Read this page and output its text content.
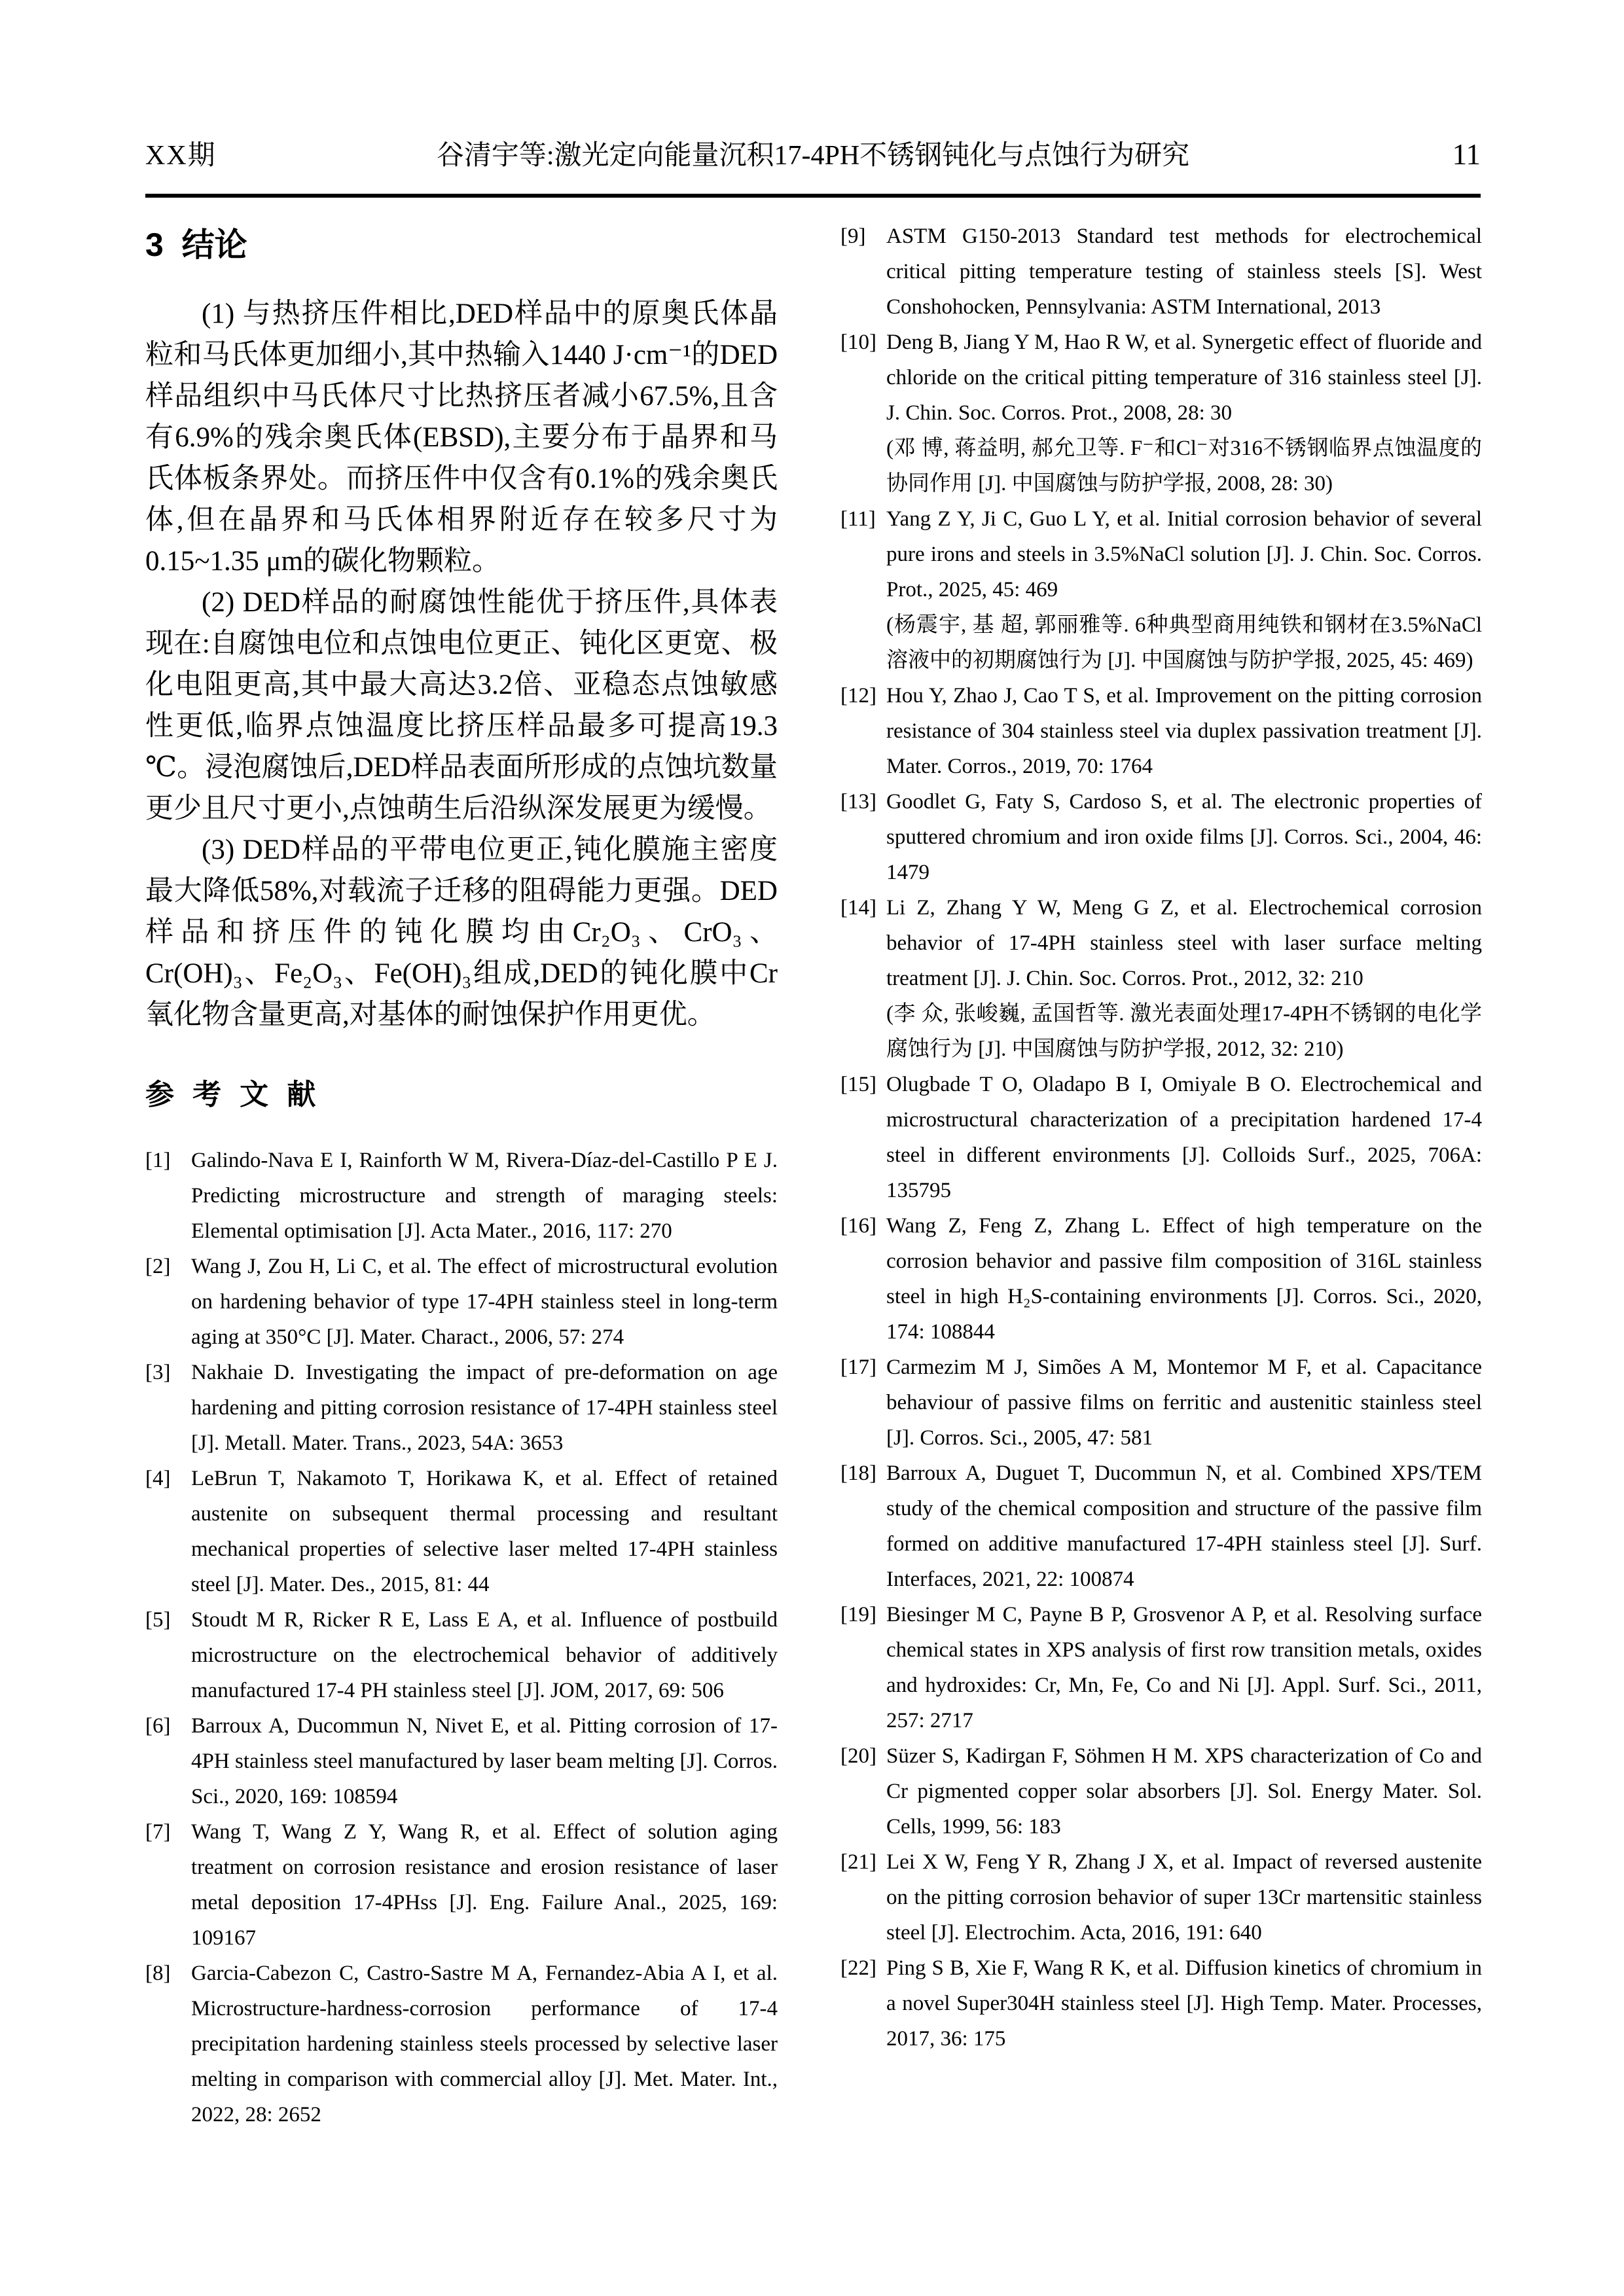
XX期	谷清宇等:激光定向能量沉积17-4PH不锈钢钝化与点蚀行为研究	11
3  结论

(1) 与热挤压件相比,DED样品中的原奥氏体晶粒和马氏体更加细小,其中热输入1440 J·cm⁻¹的DED样品组织中马氏体尺寸比热挤压者减小67.5%,且含有6.9%的残余奥氏体(EBSD),主要分布于晶界和马氏体板条界处。而挤压件中仅含有0.1%的残余奥氏体,但在晶界和马氏体相界附近存在较多尺寸为0.15~1.35 μm的碳化物颗粒。

(2) DED样品的耐腐蚀性能优于挤压件,具体表现在:自腐蚀电位和点蚀电位更正、钝化区更宽、极化电阻更高,其中最大高达3.2倍、亚稳态点蚀敏感性更低,临界点蚀温度比挤压样品最多可提高19.3 ℃。浸泡腐蚀后,DED样品表面所形成的点蚀坑数量更少且尺寸更小,点蚀萌生后沿纵深发展更为缓慢。

(3) DED样品的平带电位更正,钝化膜施主密度最大降低58%,对载流子迁移的阻碍能力更强。DED样品和挤压件的钝化膜均由Cr₂O₃、CrO₃、Cr(OH)₃、Fe₂O₃、Fe(OH)₃组成,DED的钝化膜中Cr氧化物含量更高,对基体的耐蚀保护作用更优。

参 考 文 献
[1] Galindo-Nava E I, Rainforth W M, Rivera-Díaz-del-Castillo P E J. Predicting microstructure and strength of maraging steels: Elemental optimisation [J]. Acta Mater., 2016, 117: 270
[2] Wang J, Zou H, Li C, et al. The effect of microstructural evolution on hardening behavior of type 17-4PH stainless steel in long-term aging at 350°C [J]. Mater. Charact., 2006, 57: 274
[3] Nakhaie D. Investigating the impact of pre-deformation on age hardening and pitting corrosion resistance of 17-4PH stainless steel [J]. Metall. Mater. Trans., 2023, 54A: 3653
[4] LeBrun T, Nakamoto T, Horikawa K, et al. Effect of retained austenite on subsequent thermal processing and resultant mechanical properties of selective laser melted 17-4PH stainless steel [J]. Mater. Des., 2015, 81: 44
[5] Stoudt M R, Ricker R E, Lass E A, et al. Influence of postbuild microstructure on the electrochemical behavior of additively manufactured 17-4 PH stainless steel [J]. JOM, 2017, 69: 506
[6] Barroux A, Ducommun N, Nivet E, et al. Pitting corrosion of 17-4PH stainless steel manufactured by laser beam melting [J]. Corros. Sci., 2020, 169: 108594
[7] Wang T, Wang Z Y, Wang R, et al. Effect of solution aging treatment on corrosion resistance and erosion resistance of laser metal deposition 17-4PHss [J]. Eng. Failure Anal., 2025, 169: 109167
[8] Garcia-Cabezon C, Castro-Sastre M A, Fernandez-Abia A I, et al. Microstructure-hardness-corrosion performance of 17-4 precipitation hardening stainless steels processed by selective laser melting in comparison with commercial alloy [J]. Met. Mater. Int., 2022, 28: 2652
[9] ASTM G150-2013 Standard test methods for electrochemical critical pitting temperature testing of stainless steels [S]. West Conshohocken, Pennsylvania: ASTM International, 2013
[10] Deng B, Jiang Y M, Hao R W, et al. Synergetic effect of fluoride and chloride on the critical pitting temperature of 316 stainless steel [J]. J. Chin. Soc. Corros. Prot., 2008, 28: 30
(邓 博, 蒋益明, 郝允卫等. F⁻和Cl⁻对316不锈钢临界点蚀温度的协同作用 [J]. 中国腐蚀与防护学报, 2008, 28: 30)
[11] Yang Z Y, Ji C, Guo L Y, et al. Initial corrosion behavior of several pure irons and steels in 3.5%NaCl solution [J]. J. Chin. Soc. Corros. Prot., 2025, 45: 469
(杨震宇, 基 超, 郭丽雅等. 6种典型商用纯铁和钢材在3.5%NaCl溶液中的初期腐蚀行为 [J]. 中国腐蚀与防护学报, 2025, 45: 469)
[12] Hou Y, Zhao J, Cao T S, et al. Improvement on the pitting corrosion resistance of 304 stainless steel via duplex passivation treatment [J]. Mater. Corros., 2019, 70: 1764
[13] Goodlet G, Faty S, Cardoso S, et al. The electronic properties of sputtered chromium and iron oxide films [J]. Corros. Sci., 2004, 46: 1479
[14] Li Z, Zhang Y W, Meng G Z, et al. Electrochemical corrosion behavior of 17-4PH stainless steel with laser surface melting treatment [J]. J. Chin. Soc. Corros. Prot., 2012, 32: 210
(李 众, 张峻巍, 孟国哲等. 激光表面处理17-4PH不锈钢的电化学腐蚀行为 [J]. 中国腐蚀与防护学报, 2012, 32: 210)
[15] Olugbade T O, Oladapo B I, Omiyale B O. Electrochemical and microstructural characterization of a precipitation hardened 17-4 steel in different environments [J]. Colloids Surf., 2025, 706A: 135795
[16] Wang Z, Feng Z, Zhang L. Effect of high temperature on the corrosion behavior and passive film composition of 316L stainless steel in high H₂S-containing environments [J]. Corros. Sci., 2020, 174: 108844
[17] Carmezim M J, Simões A M, Montemor M F, et al. Capacitance behaviour of passive films on ferritic and austenitic stainless steel [J]. Corros. Sci., 2005, 47: 581
[18] Barroux A, Duguet T, Ducommun N, et al. Combined XPS/TEM study of the chemical composition and structure of the passive film formed on additive manufactured 17-4PH stainless steel [J]. Surf. Interfaces, 2021, 22: 100874
[19] Biesinger M C, Payne B P, Grosvenor A P, et al. Resolving surface chemical states in XPS analysis of first row transition metals, oxides and hydroxides: Cr, Mn, Fe, Co and Ni [J]. Appl. Surf. Sci., 2011, 257: 2717
[20] Süzer S, Kadirgan F, Söhmen H M. XPS characterization of Co and Cr pigmented copper solar absorbers [J]. Sol. Energy Mater. Sol. Cells, 1999, 56: 183
[21] Lei X W, Feng Y R, Zhang J X, et al. Impact of reversed austenite on the pitting corrosion behavior of super 13Cr martensitic stainless steel [J]. Electrochim. Acta, 2016, 191: 640
[22] Ping S B, Xie F, Wang R K, et al. Diffusion kinetics of chromium in a novel Super304H stainless steel [J]. High Temp. Mater. Processes, 2017, 36: 175
